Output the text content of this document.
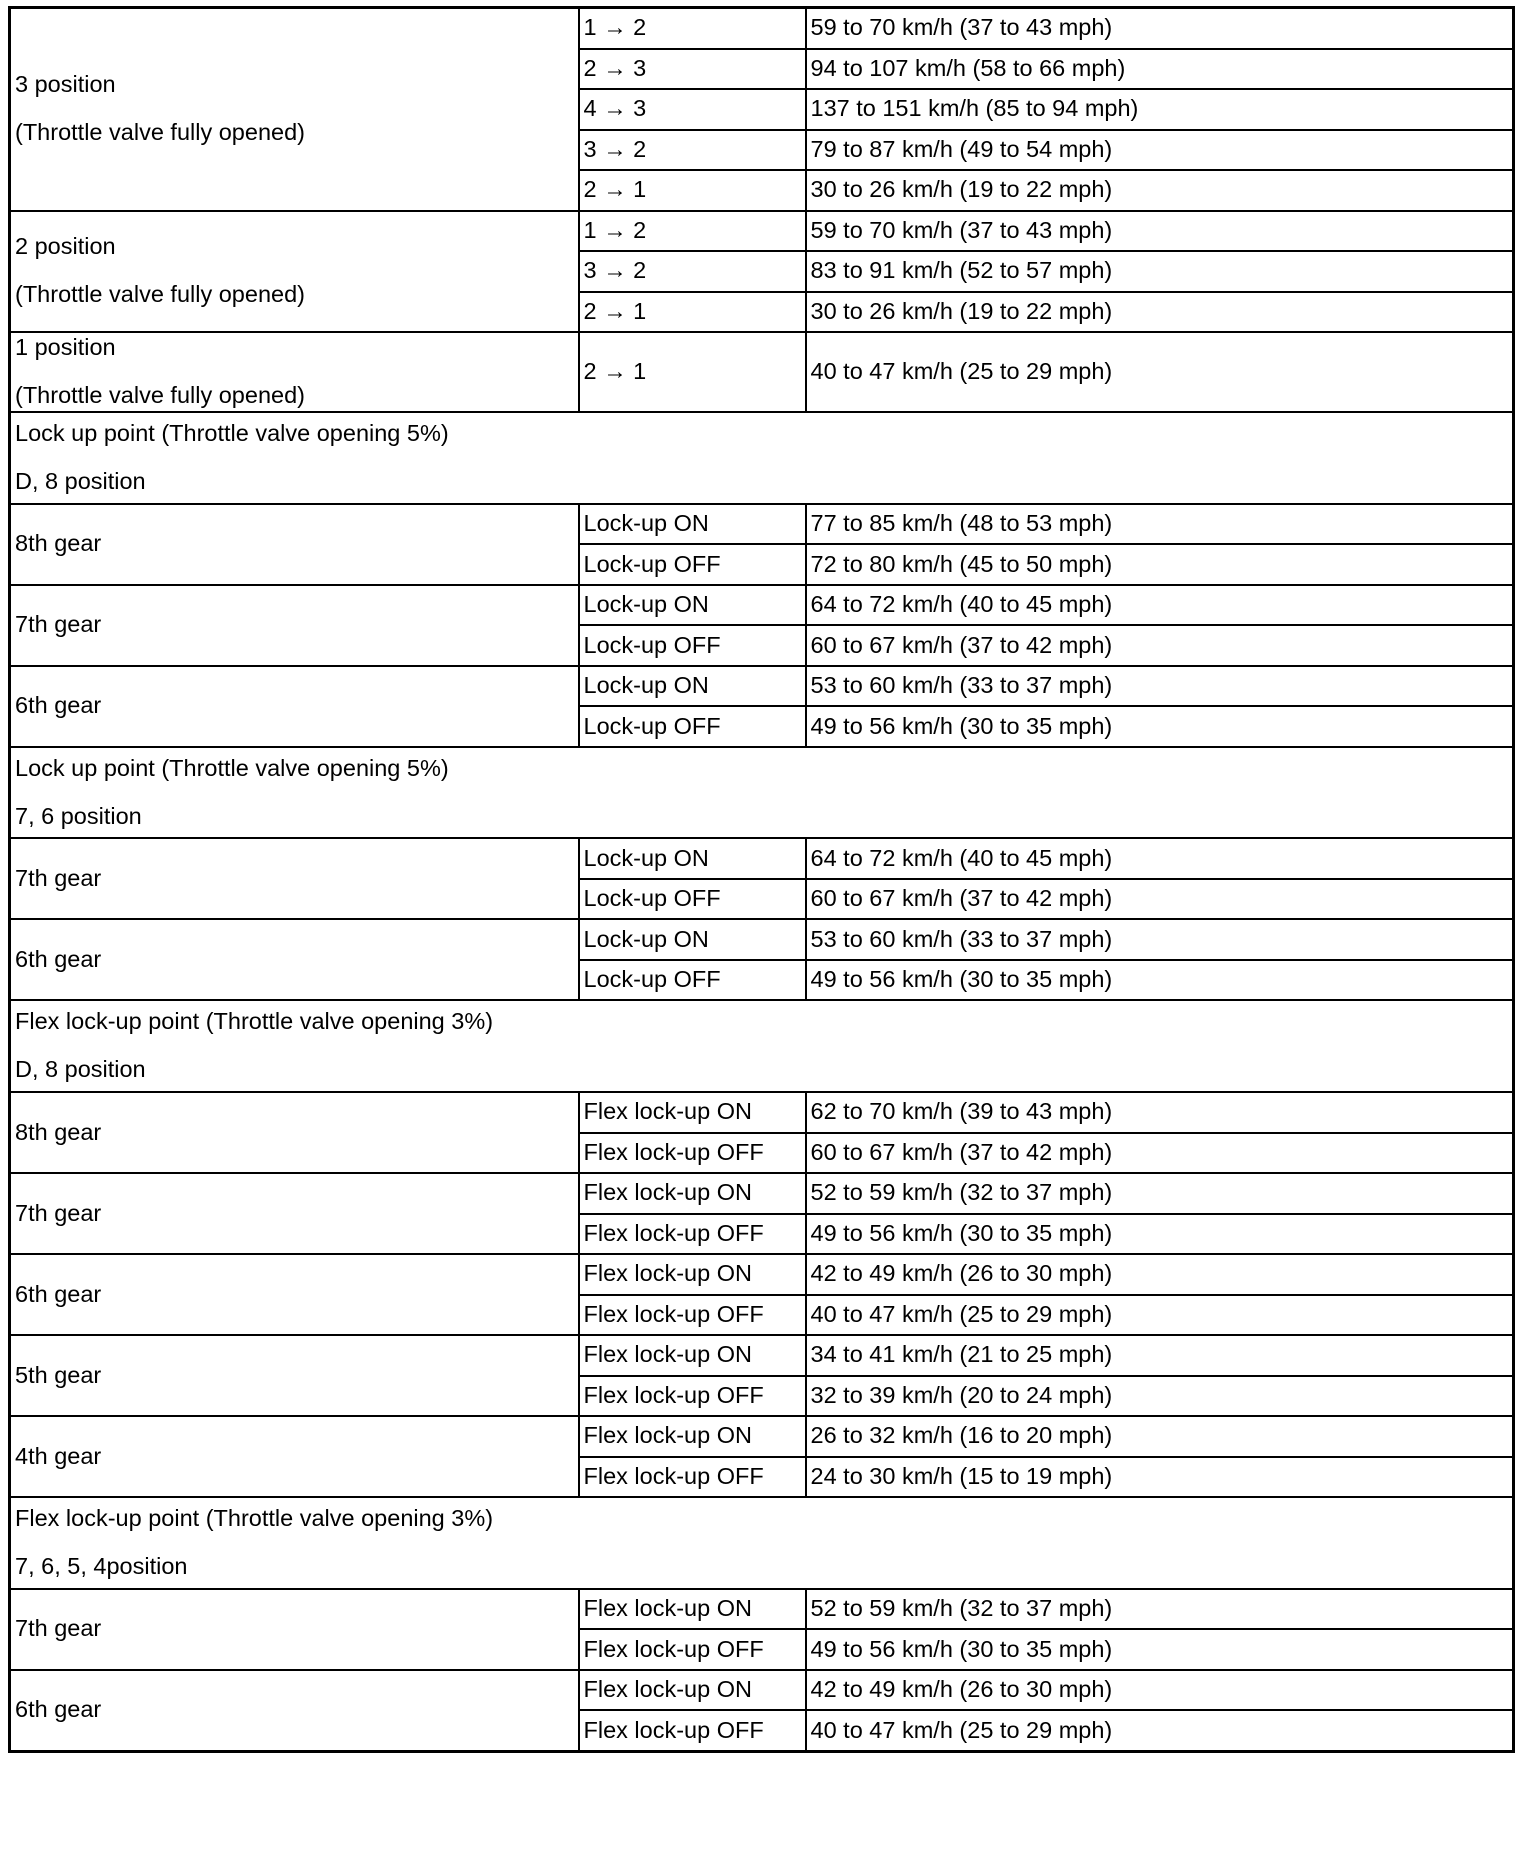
3 position
(Throttle valve fully opened)	1 → 2	59 to 70 km/h (37 to 43 mph)
	2 → 3	94 to 107 km/h (58 to 66 mph)
	4 → 3	137 to 151 km/h (85 to 94 mph)
	3 → 2	79 to 87 km/h (49 to 54 mph)
	2 → 1	30 to 26 km/h (19 to 22 mph)

2 position
(Throttle valve fully opened)	1 → 2	59 to 70 km/h (37 to 43 mph)
	3 → 2	83 to 91 km/h (52 to 57 mph)
	2 → 1	30 to 26 km/h (19 to 22 mph)

1 position
(Throttle valve fully opened)	2 → 1	40 to 47 km/h (25 to 29 mph)

Lock up point (Throttle valve opening 5%)
D, 8 position		

8th gear	Lock-up ON	77 to 85 km/h (48 to 53 mph)
	Lock-up OFF	72 to 80 km/h (45 to 50 mph)
7th gear	Lock-up ON	64 to 72 km/h (40 to 45 mph)
	Lock-up OFF	60 to 67 km/h (37 to 42 mph)
6th gear	Lock-up ON	53 to 60 km/h (33 to 37 mph)
	Lock-up OFF	49 to 56 km/h (30 to 35 mph)

Lock up point (Throttle valve opening 5%)
7, 6 position		

7th gear	Lock-up ON	64 to 72 km/h (40 to 45 mph)
	Lock-up OFF	60 to 67 km/h (37 to 42 mph)
6th gear	Lock-up ON	53 to 60 km/h (33 to 37 mph)
	Lock-up OFF	49 to 56 km/h (30 to 35 mph)

Flex lock-up point (Throttle valve opening 3%)
D, 8 position		

8th gear	Flex lock-up ON	62 to 70 km/h (39 to 43 mph)
	Flex lock-up OFF	60 to 67 km/h (37 to 42 mph)
7th gear	Flex lock-up ON	52 to 59 km/h (32 to 37 mph)
	Flex lock-up OFF	49 to 56 km/h (30 to 35 mph)
6th gear	Flex lock-up ON	42 to 49 km/h (26 to 30 mph)
	Flex lock-up OFF	40 to 47 km/h (25 to 29 mph)
5th gear	Flex lock-up ON	34 to 41 km/h (21 to 25 mph)
	Flex lock-up OFF	32 to 39 km/h (20 to 24 mph)
4th gear	Flex lock-up ON	26 to 32 km/h (16 to 20 mph)
	Flex lock-up OFF	24 to 30 km/h (15 to 19 mph)

Flex lock-up point (Throttle valve opening 3%)
7, 6, 5, 4position		

7th gear	Flex lock-up ON	52 to 59 km/h (32 to 37 mph)
	Flex lock-up OFF	49 to 56 km/h (30 to 35 mph)
6th gear	Flex lock-up ON	42 to 49 km/h (26 to 30 mph)
	Flex lock-up OFF	40 to 47 km/h (25 to 29 mph)
